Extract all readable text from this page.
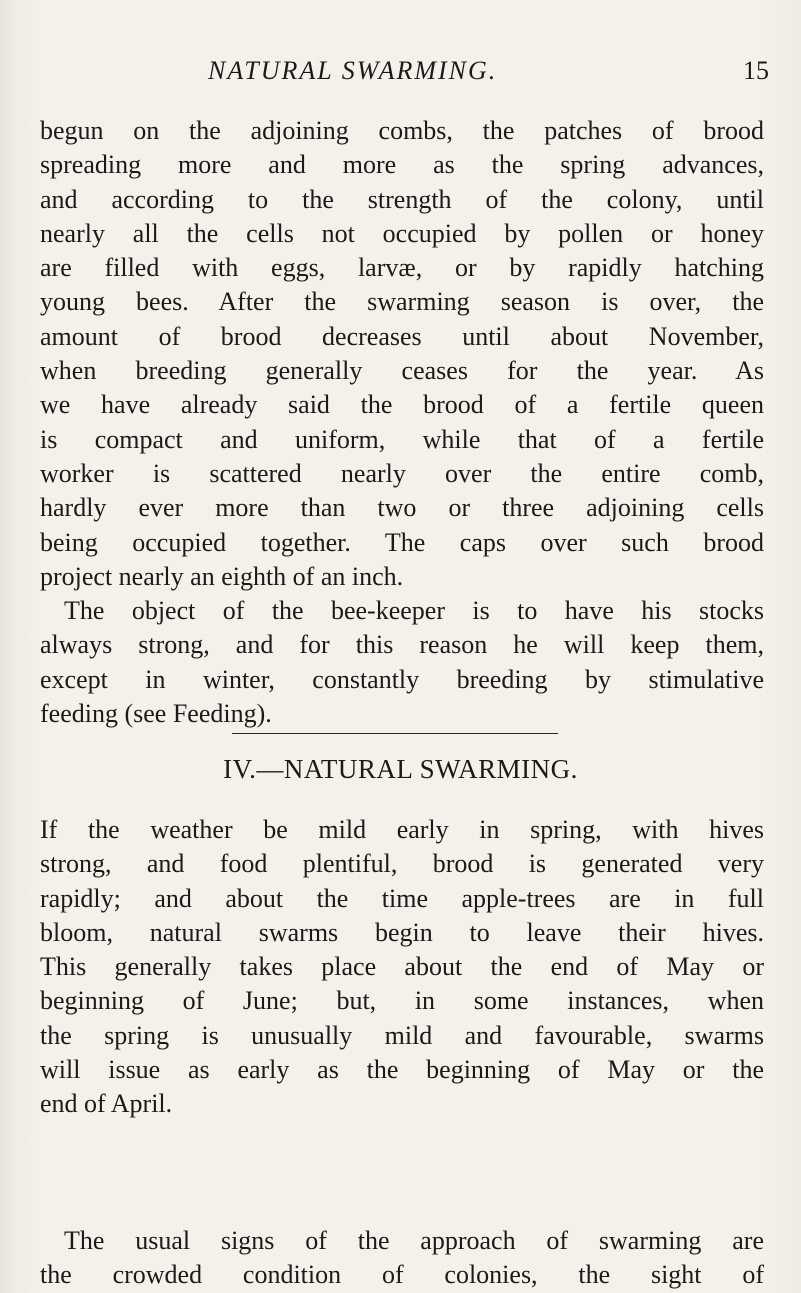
NATURAL SWARMING.	15
begun on the adjoining combs, the patches of brood
spreading more and more as the spring advances,
and according to the strength of the colony, until
nearly all the cells not occupied by pollen or honey
are filled with eggs, larvæ, or by rapidly hatching
young bees. After the swarming season is over, the
amount of brood decreases until about November,
when breeding generally ceases for the year. As
we have already said the brood of a fertile queen
is compact and uniform, while that of a fertile
worker is scattered nearly over the entire comb,
hardly ever more than two or three adjoining cells
being occupied together. The caps over such brood
project nearly an eighth of an inch.
The object of the bee-keeper is to have his stocks
always strong, and for this reason he will keep them,
except in winter, constantly breeding by stimulative
feeding (see Feeding).
IV.—NATURAL SWARMING.
If the weather be mild early in spring, with hives
strong, and food plentiful, brood is generated very
rapidly; and about the time apple-trees are in full
bloom, natural swarms begin to leave their hives.
This generally takes place about the end of May or
beginning of June; but, in some instances, when
the spring is unusually mild and favourable, swarms
will issue as early as the beginning of May or the
end of April.
The usual signs of the approach of swarming are
the crowded condition of colonies, the sight of
